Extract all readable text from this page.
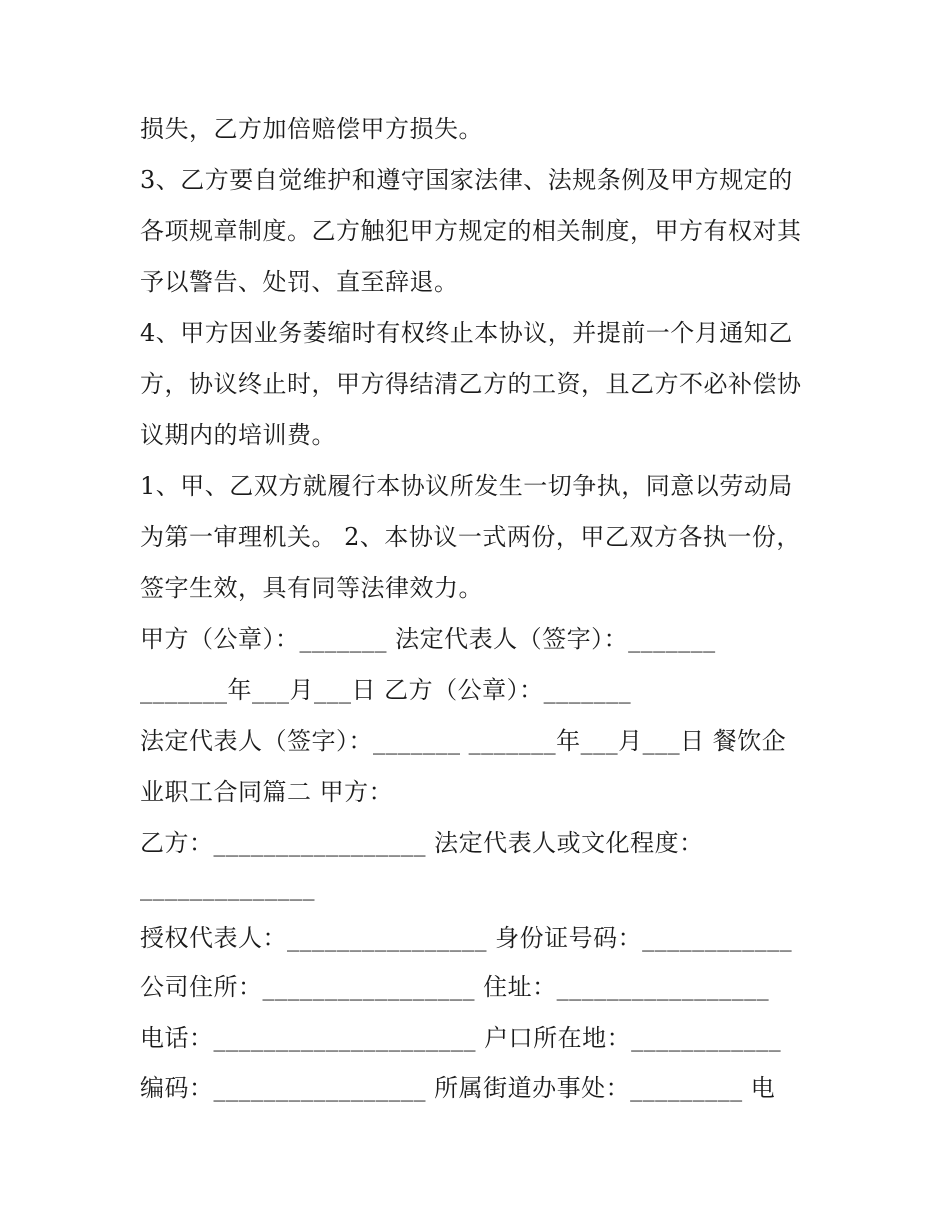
损失，乙方加倍赔偿甲方损失。
3、乙方要自觉维护和遵守国家法律、法规条例及甲方规定的
各项规章制度。乙方触犯甲方规定的相关制度，甲方有权对其
予以警告、处罚、直至辞退。
4、甲方因业务萎缩时有权终止本协议，并提前一个月通知乙
方，协议终止时，甲方得结清乙方的工资，且乙方不必补偿协
议期内的培训费。
1、甲、乙双方就履行本协议所发生一切争执，同意以劳动局
为第一审理机关。 2、本协议一式两份，甲乙双方各执一份，
签字生效，具有同等法律效力。
甲方（公章）：_______ 法定代表人（签字）：_______
_______年___月___日 乙方（公章）：_______
法定代表人（签字）：_______ _______年___月___日 餐饮企
业职工合同篇二 甲方：
乙方：_________________ 法定代表人或文化程度：
______________
授权代表人：________________ 身份证号码：____________
公司住所：_________________ 住址：_________________
电话：_____________________ 户口所在地：____________
编码：_________________ 所属街道办事处：_________ 电
